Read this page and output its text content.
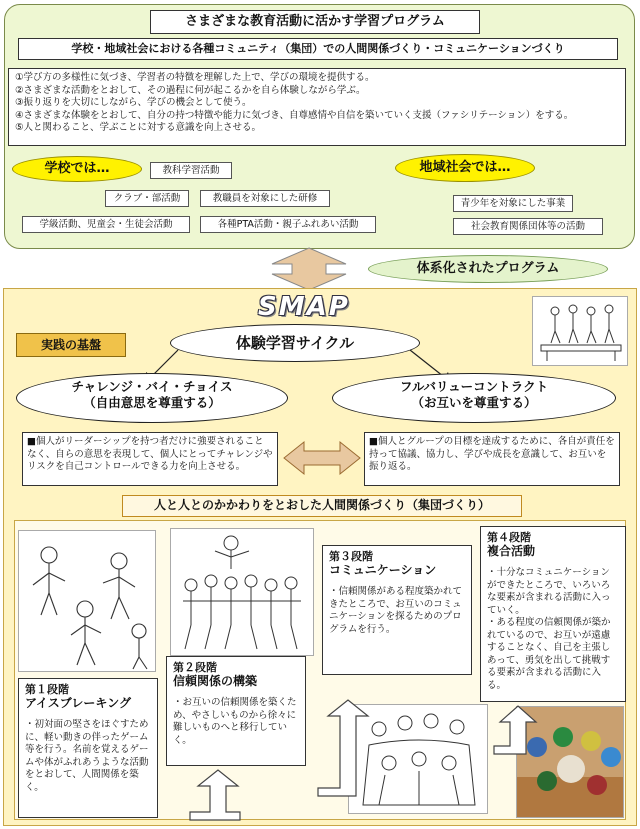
さまざまな教育活動に活かす学習プログラム
学校・地域社会における各種コミュニティ（集団）での人間関係づくり・コミュニケーションづくり
①学び方の多様性に気づき、学習者の特徴を理解した上で、学びの環境を提供する。
②さまざまな活動をとおして、その過程に何が起こるかを自ら体験しながら学ぶ。
③振り返りを大切にしながら、学びの機会として使う。
④さまざまな体験をとおして、自分の持つ特徴や能力に気づき、自尊感情や自信を築いていく支援（ファシリテーション）をする。
⑤人と関わること、学ぶことに対する意識を向上させる。
学校では…	地域社会では…
教科学習活動
クラブ・部活動	教職員を対象にした研修
学級活動、児童会・生徒会活動	各種PTA活動・親子ふれあい活動
青少年を対象にした事業
社会教育関係団体等の活動
体系化されたプログラム
SMAP
実践の基盤	体験学習サイクル
チャレンジ・バイ・チョイス
（自由意思を尊重する）
フルバリューコントラクト
（お互いを尊重する）
■個人がリーダーシップを持つ者だけに強要されることなく、自らの意思を表現して、個人にとってチャレンジやリスクを自己コントロールできる力を向上させる。
■個人とグループの目標を達成するために、各自が責任を持って協議、協力し、学びや成長を意識して、お互いを振り返る。
人と人とのかかわりをとおした人間関係づくり（集団づくり）
第１段階
アイスブレーキング
・初対面の堅さをほぐすために、軽い動きの伴ったゲーム等を行う。名前を覚えるゲームや体がふれあうような活動をとおして、人間関係を築く。
第２段階
信頼関係の構築
・お互いの信頼関係を築くため、やさしいものから徐々に難しいものへと移行していく。
第３段階
コミュニケーション
・信頼関係がある程度築かれてきたところで、お互いのコミュニケーションを探るためのプログラムを行う。
第４段階
複合活動
・十分なコミュニケーションができたところで、いろいろな要素が含まれる活動に入っていく。
・ある程度の信頼関係が築かれているので、お互いが遠慮することなく、自己を主張しあって、勇気を出して挑戦する要素が含まれる活動に入る。
